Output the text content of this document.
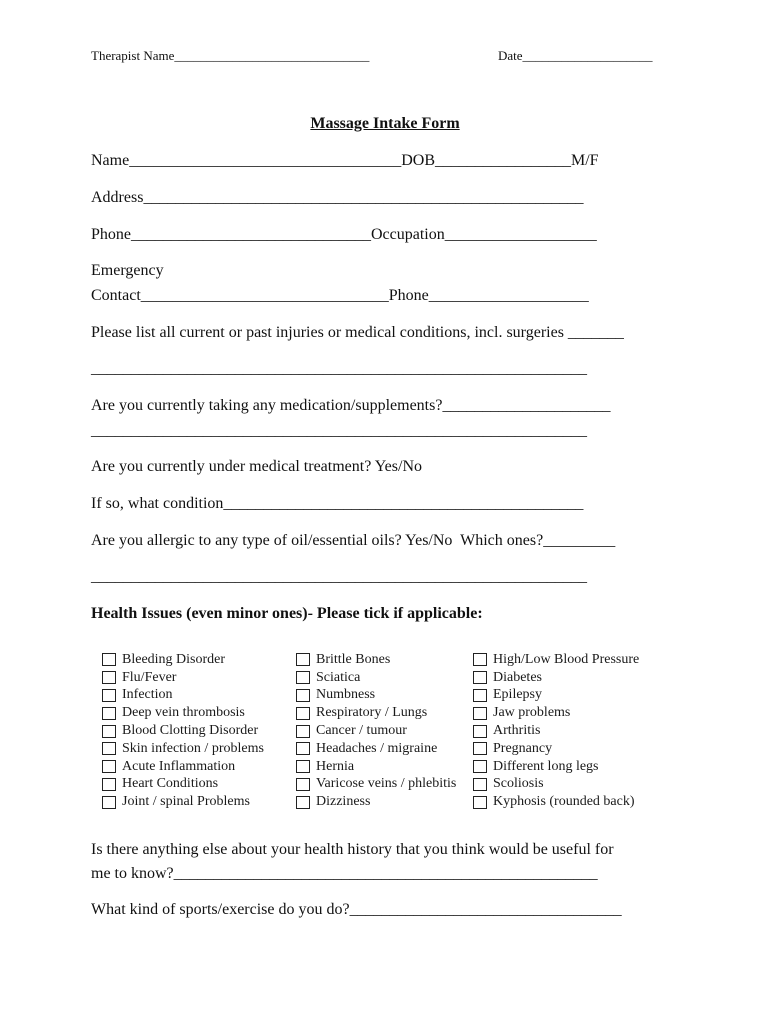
Therapist Name______________________________	Date____________________
Massage Intake Form
Name__________________________________DOB_________________M/F
Address_______________________________________________________
Phone______________________________Occupation___________________
Emergency
Contact_______________________________Phone____________________
Please list all current or past injuries or medical conditions, incl. surgeries _______
______________________________________________________________
Are you currently taking any medication/supplements?_____________________
______________________________________________________________
Are you currently under medical treatment? Yes/No
If so, what condition_____________________________________________
Are you allergic to any type of oil/essential oils? Yes/No  Which ones?_________
______________________________________________________________
Health Issues (even minor ones)- Please tick if applicable:
Bleeding Disorder
Flu/Fever
Infection
Deep vein thrombosis
Blood Clotting Disorder
Skin infection / problems
Acute Inflammation
Heart Conditions
Joint / spinal Problems
Brittle Bones
Sciatica
Numbness
Respiratory / Lungs
Cancer / tumour
Headaches / migraine
Hernia
Varicose veins / phlebitis
Dizziness
High/Low Blood Pressure
Diabetes
Epilepsy
Jaw problems
Arthritis
Pregnancy
Different long legs
Scoliosis
Kyphosis (rounded back)
Is there anything else about your health history that you think would be useful for
me to know?_____________________________________________________
What kind of sports/exercise do you do?__________________________________
